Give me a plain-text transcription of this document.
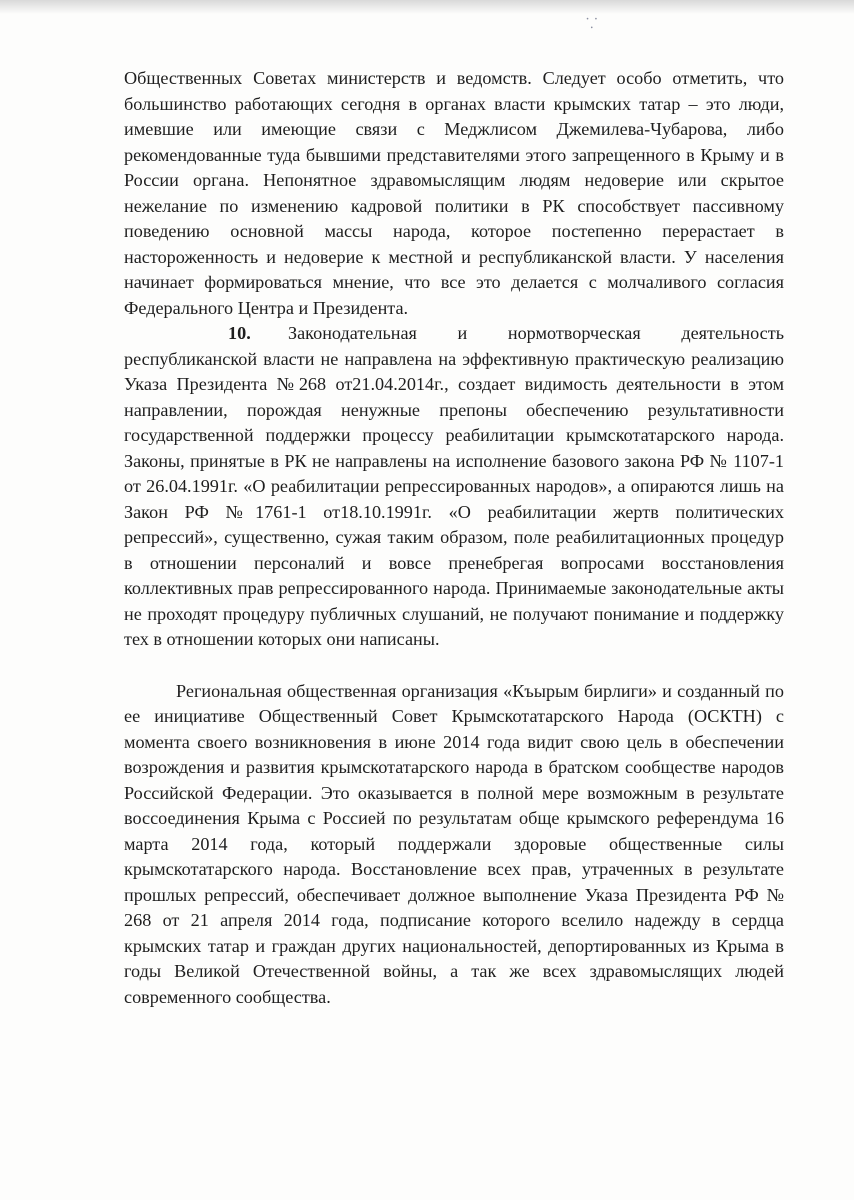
⸪

Общественных Советах министерств и ведомств. Следует особо отметить, что большинство работающих сегодня в органах власти крымских татар – это люди, имевшие или имеющие связи с Меджлисом Джемилева-Чубарова, либо рекомендованные туда бывшими представителями этого запрещенного в Крыму и в России органа. Непонятное здравомыслящим людям недоверие или скрытое нежелание по изменению кадровой политики в РК способствует пассивному поведению основной массы народа, которое постепенно перерастает в настороженность и недоверие к местной и республиканской власти. У населения начинает формироваться мнение, что все это делается с молчаливого согласия Федерального Центра и Президента.

10. Законодательная и нормотворческая деятельность республиканской власти не направлена на эффективную практическую реализацию Указа Президента №268 от21.04.2014г., создает видимость деятельности в этом направлении, порождая ненужные препоны обеспечению результативности государственной поддержки процессу реабилитации крымскотатарского народа. Законы, принятые в РК не направлены на исполнение базового закона РФ № 1107-1 от 26.04.1991г. «О реабилитации репрессированных народов», а опираются лишь на Закон РФ №1761-1 от18.10.1991г. «О реабилитации жертв политических репрессий», существенно, сужая таким образом, поле реабилитационных процедур в отношении персоналий и вовсе пренебрегая вопросами восстановления коллективных прав репрессированного народа. Принимаемые законодательные акты не проходят процедуру публичных слушаний, не получают понимание и поддержку тех в отношении которых они написаны.

Региональная общественная организация «Къырым бирлиги» и созданный по ее инициативе Общественный Совет Крымскотатарского Народа (ОСКТН) с момента своего возникновения в июне 2014 года видит свою цель в обеспечении возрождения и развития крымскотатарского народа в братском сообществе народов Российской Федерации. Это оказывается в полной мере возможным в результате воссоединения Крыма с Россией по результатам обще крымского референдума 16 марта 2014 года, который поддержали здоровые общественные силы крымскотатарского народа. Восстановление всех прав, утраченных в результате прошлых репрессий, обеспечивает должное выполнение Указа Президента РФ № 268 от 21 апреля 2014 года, подписание которого вселило надежду в сердца крымских татар и граждан других национальностей, депортированных из Крыма в годы Великой Отечественной войны, а так же всех здравомыслящих людей современного сообщества.
